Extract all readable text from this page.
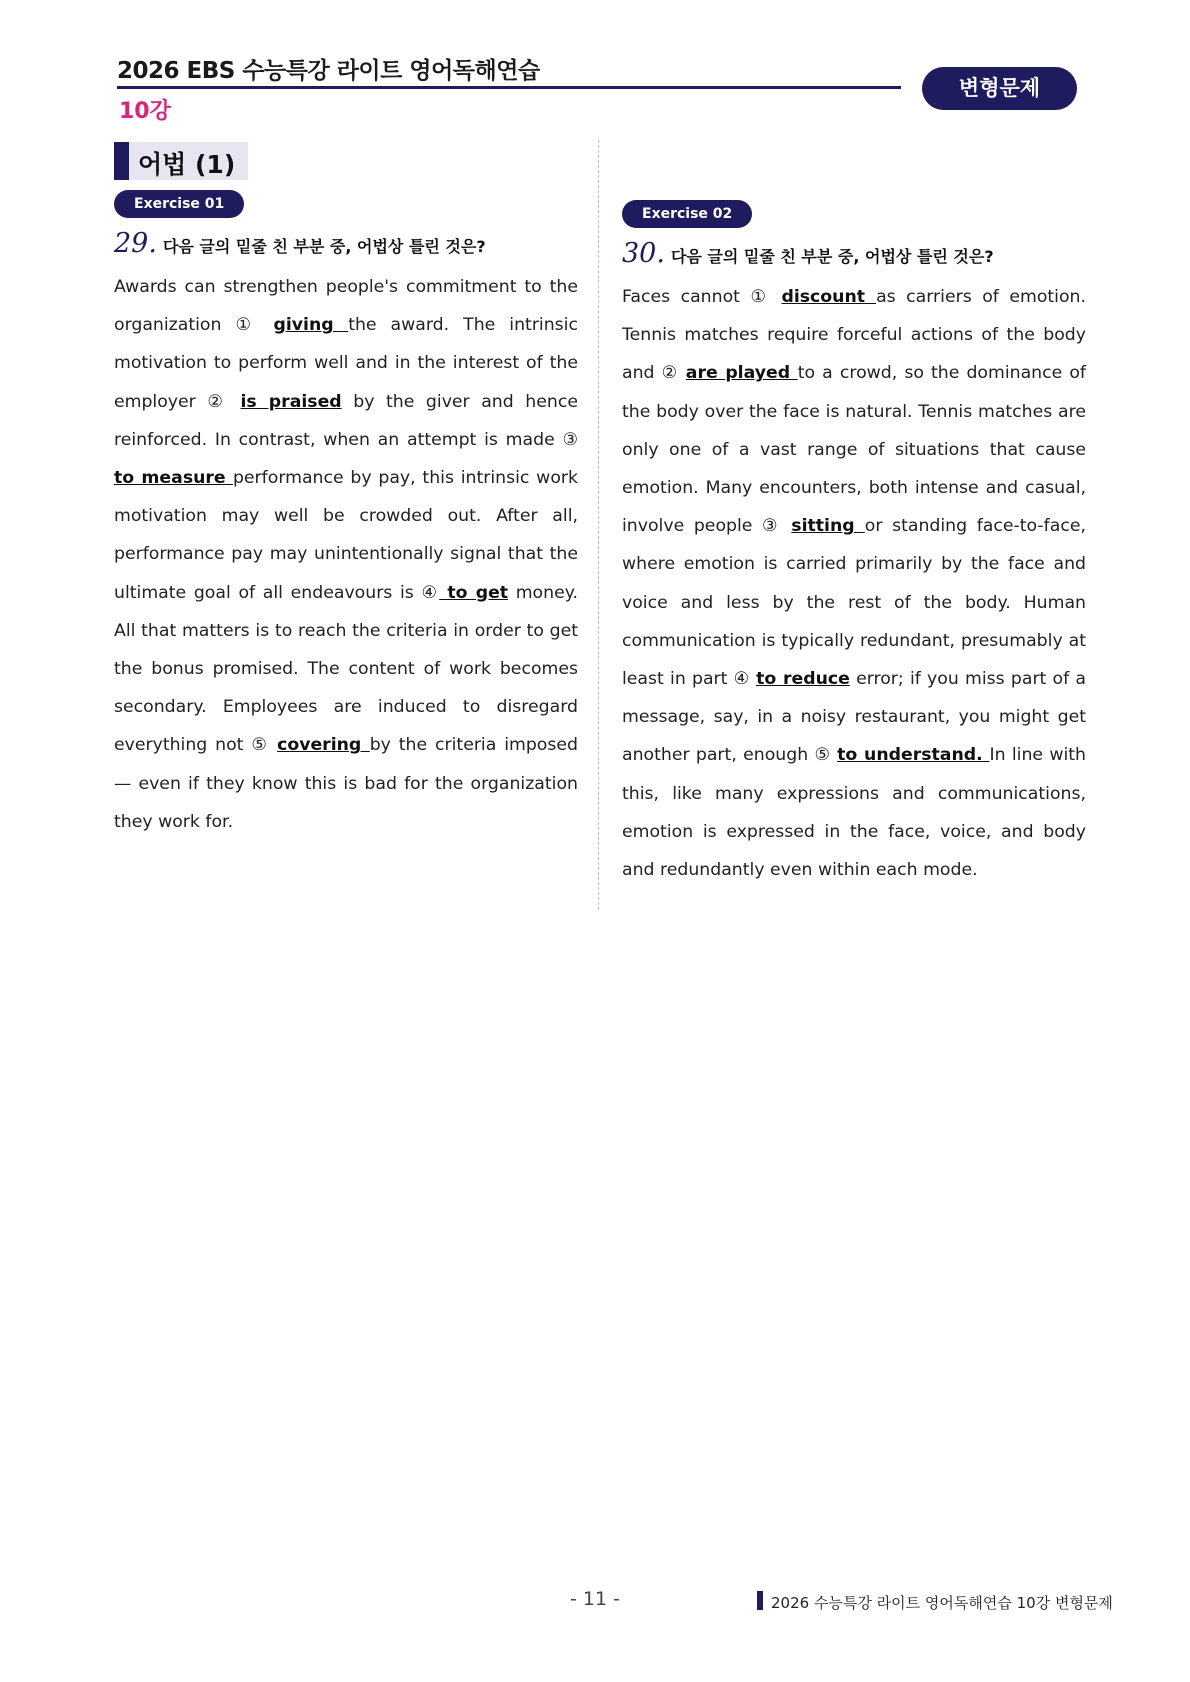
2026 EBS 수능특강 라이트 영어독해연습
10강
변형문제
어법 (1)
Exercise 01
29. 다음 글의 밑줄 친 부분 중, 어법상 틀린 것은?
Awards can strengthen people's commitment to the organization ① giving the award. The intrinsic motivation to perform well and in the interest of the employer ② is praised by the giver and hence reinforced. In contrast, when an attempt is made ③ to measure performance by pay, this intrinsic work motivation may well be crowded out. After all, performance pay may unintentionally signal that the ultimate goal of all endeavours is ④ to get money. All that matters is to reach the criteria in order to get the bonus promised. The content of work becomes secondary. Employees are induced to disregard everything not ⑤ covering by the criteria imposed — even if they know this is bad for the organization they work for.
Exercise 02
30. 다음 글의 밑줄 친 부분 중, 어법상 틀린 것은?
Faces cannot ① discount as carriers of emotion. Tennis matches require forceful actions of the body and ② are played to a crowd, so the dominance of the body over the face is natural. Tennis matches are only one of a vast range of situations that cause emotion. Many encounters, both intense and casual, involve people ③ sitting or standing face-to-face, where emotion is carried primarily by the face and voice and less by the rest of the body. Human communication is typically redundant, presumably at least in part ④ to reduce error; if you miss part of a message, say, in a noisy restaurant, you might get another part, enough ⑤ to understand. In line with this, like many expressions and communications, emotion is expressed in the face, voice, and body and redundantly even within each mode.
- 11 -	2026 수능특강 라이트 영어독해연습 10강 변형문제
